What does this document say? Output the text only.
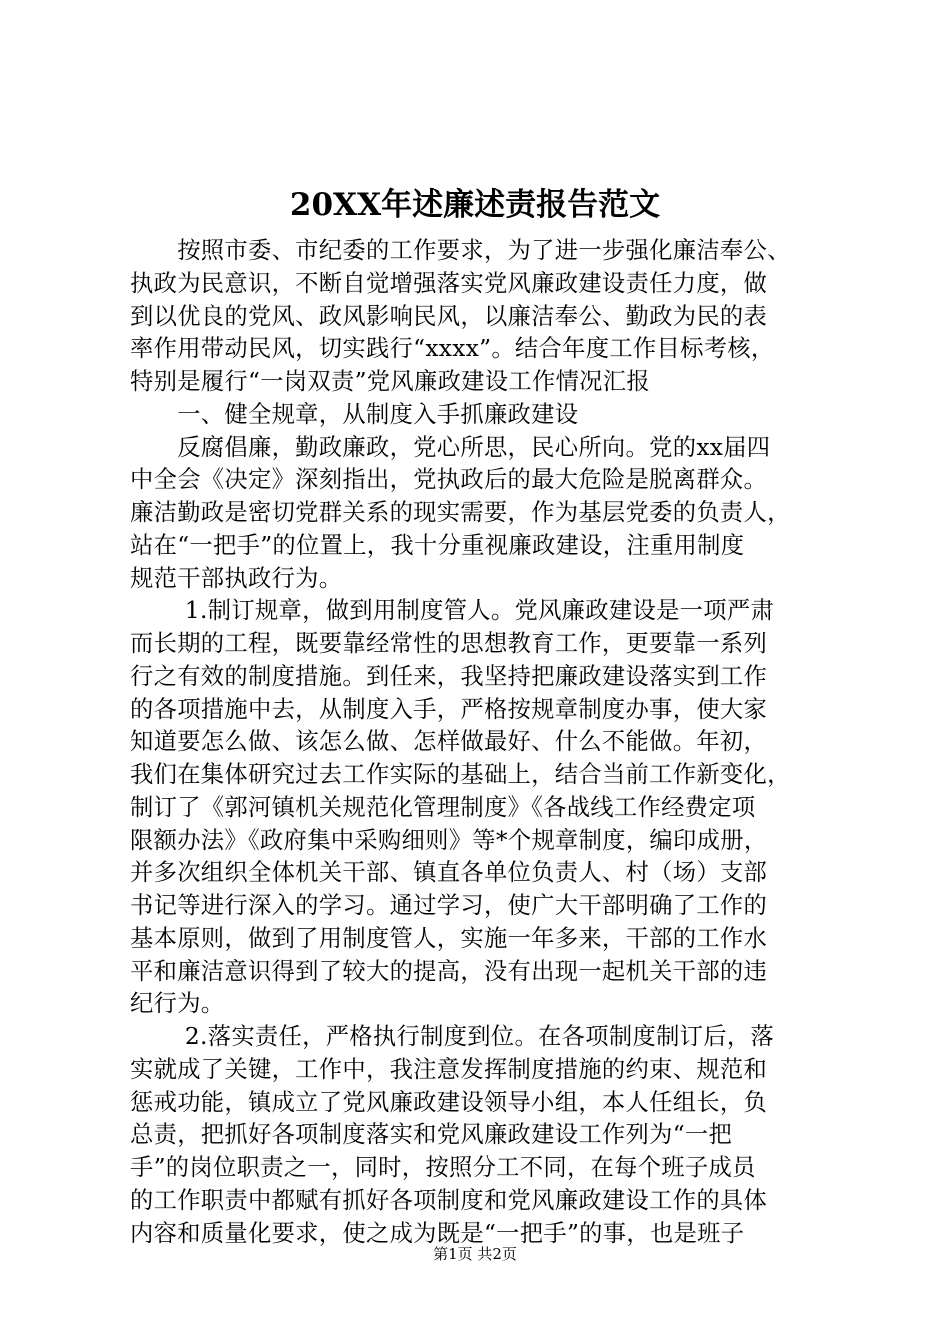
20XX年述廉述责报告范文
　　按照市委、市纪委的工作要求，为了进一步强化廉洁奉公、
执政为民意识，不断自觉增强落实党风廉政建设责任力度，做
到以优良的党风、政风影响民风，以廉洁奉公、勤政为民的表
率作用带动民风，切实践行“xxxx”。结合年度工作目标考核，
特别是履行“一岗双责”党风廉政建设工作情况汇报
　　一、健全规章，从制度入手抓廉政建设
　　反腐倡廉，勤政廉政，党心所思，民心所向。党的xx届四
中全会《决定》深刻指出，党执政后的最大危险是脱离群众。
廉洁勤政是密切党群关系的现实需要，作为基层党委的负责人，
站在“一把手”的位置上，我十分重视廉政建设，注重用制度
规范干部执政行为。
　　 1.制订规章，做到用制度管人。党风廉政建设是一项严肃
而长期的工程，既要靠经常性的思想教育工作，更要靠一系列
行之有效的制度措施。到任来，我坚持把廉政建设落实到工作
的各项措施中去，从制度入手，严格按规章制度办事，使大家
知道要怎么做、该怎么做、怎样做最好、什么不能做。年初，
我们在集体研究过去工作实际的基础上，结合当前工作新变化，
制订了《郭河镇机关规范化管理制度》《各战线工作经费定项
限额办法》《政府集中采购细则》等*个规章制度，编印成册，
并多次组织全体机关干部、镇直各单位负责人、村（场）支部
书记等进行深入的学习。通过学习，使广大干部明确了工作的
基本原则，做到了用制度管人，实施一年多来，干部的工作水
平和廉洁意识得到了较大的提高，没有出现一起机关干部的违
纪行为。
　　 2.落实责任，严格执行制度到位。在各项制度制订后，落
实就成了关键，工作中，我注意发挥制度措施的约束、规范和
惩戒功能，镇成立了党风廉政建设领导小组，本人任组长，负
总责，把抓好各项制度落实和党风廉政建设工作列为“一把
手”的岗位职责之一，同时，按照分工不同，在每个班子成员
的工作职责中都赋有抓好各项制度和党风廉政建设工作的具体
第1页 共2页
内容和质量化要求，使之成为既是“一把手”的事，也是班子
